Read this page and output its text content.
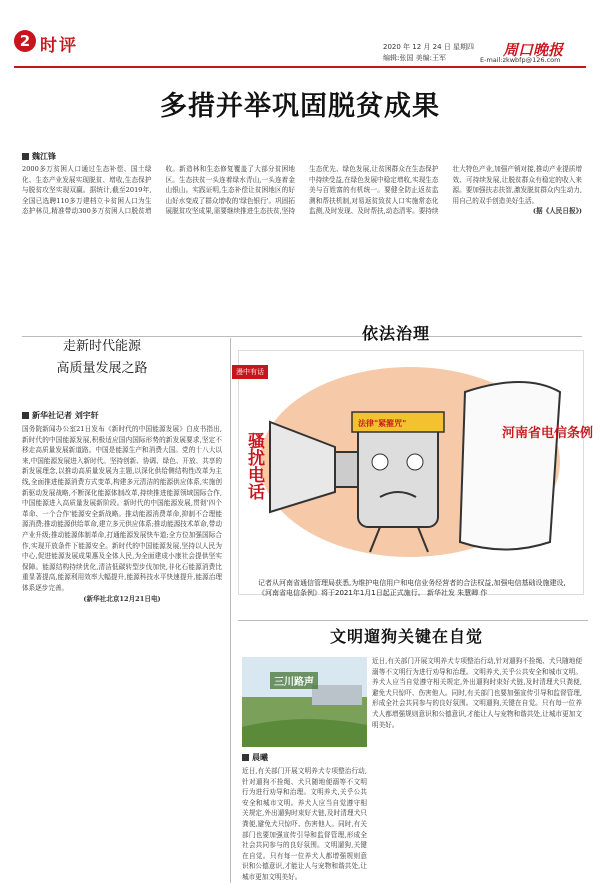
2 时评	2020 年 12 月 24 日 星期四
编辑:张国 美编:王军	周口晚报
E-mail:zkwbfp@126.com
多措并举巩固脱贫成果
魏江锋
2000多万贫困人口通过生态补偿、国土绿化、生态产业发展实现脱贫、增收,生态保护与脱贫攻坚实现双赢。据统计,截至2019年,全国已选聘110多万建档立卡贫困人口为生态护林员,精准带动300多万贫困人口脱贫增收。新造林和生态修复覆盖了大部分贫困地区。生态扶贫一头连着绿水青山,一头连着金山银山。实践证明,生态补偿让贫困地区的好山好水变成了群众增收的'绿色银行'。巩固拓展脱贫攻坚成果,需要继续推进生态扶贫,坚持生态优先、绿色发展,让贫困群众在生态保护中持续受益,在绿色发展中稳定增收,实现生态美与百姓富的有机统一。要健全防止返贫监测和帮扶机制,对易返贫致贫人口实施常态化监测,及时发现、及时帮扶,动态清零。要持续壮大特色产业,加强产销对接,推动产业提质增效、可持续发展,让脱贫群众有稳定的收入来源。要加强扶志扶智,激发脱贫群众内生动力,用自己的双手创造美好生活。
(据《人民日报》)
走新时代能源
高质量发展之路
新华社记者 刘宇轩
国务院新闻办公室21日发布《新时代的中国能源发展》白皮书指出,新时代的中国能源发展,积极适应国内国际形势的新发展要求,坚定不移走高质量发展新道路。中国是能源生产和消费大国。党的十八大以来,中国能源发展进入新时代。坚持创新、协调、绿色、开放、共享的新发展理念,以推动高质量发展为主题,以深化供给侧结构性改革为主线,全面推进能源消费方式变革,构建多元清洁的能源供应体系,实施创新驱动发展战略,不断深化能源体制改革,持续推进能源领域国际合作,中国能源进入高质量发展新阶段。新时代的中国能源发展,贯彻'四个革命、一个合作'能源安全新战略。推动能源消费革命,抑制不合理能源消费;推动能源供给革命,建立多元供应体系;推动能源技术革命,带动产业升级;推动能源体制革命,打通能源发展快车道;全方位加强国际合作,实现开放条件下能源安全。新时代的中国能源发展,坚持以人民为中心,促进能源发展成果惠及全体人民,为全面建成小康社会提供坚实保障。能源结构持续优化,清洁低碳转型步伐加快,非化石能源消费比重显著提高,能源利用效率大幅提升,能源科技水平快速提升,能源治理体系逐步完善。
(新华社北京12月21日电)
依法治理
漫中有话
骚扰电话
法律"紧箍咒"
河南省电信条例
记者从河南省通信管理局获悉,为维护电信用户和电信业务经营者的合法权益,加强电信基础设施建设,《河南省电信条例》将于2021年1月1日起正式施行。 新华社发 朱慧卿 作
文明遛狗关键在自觉
三川路声
晨曦
近日,有关部门开展文明养犬专项整治行动,针对遛狗不拴绳、犬只随地便溺等不文明行为进行劝导和治理。文明养犬,关乎公共安全和城市文明。养犬人应当自觉遵守相关规定,外出遛狗时束好犬链,及时清理犬只粪便,避免犬只惊吓、伤害他人。同时,有关部门也要加强宣传引导和监督管理,形成全社会共同参与的良好氛围。文明遛狗,关键在自觉。只有每一位养犬人都增强规则意识和公德意识,才能让人与宠物和谐共处,让城市更加文明美好。
近日,有关部门开展文明养犬专项整治行动,针对遛狗不拴绳、犬只随地便溺等不文明行为进行劝导和治理。文明养犬,关乎公共安全和城市文明。养犬人应当自觉遵守相关规定,外出遛狗时束好犬链,及时清理犬只粪便,避免犬只惊吓、伤害他人。同时,有关部门也要加强宣传引导和监督管理,形成全社会共同参与的良好氛围。文明遛狗,关键在自觉。只有每一位养犬人都增强规则意识和公德意识,才能让人与宠物和谐共处,让城市更加文明美好。
